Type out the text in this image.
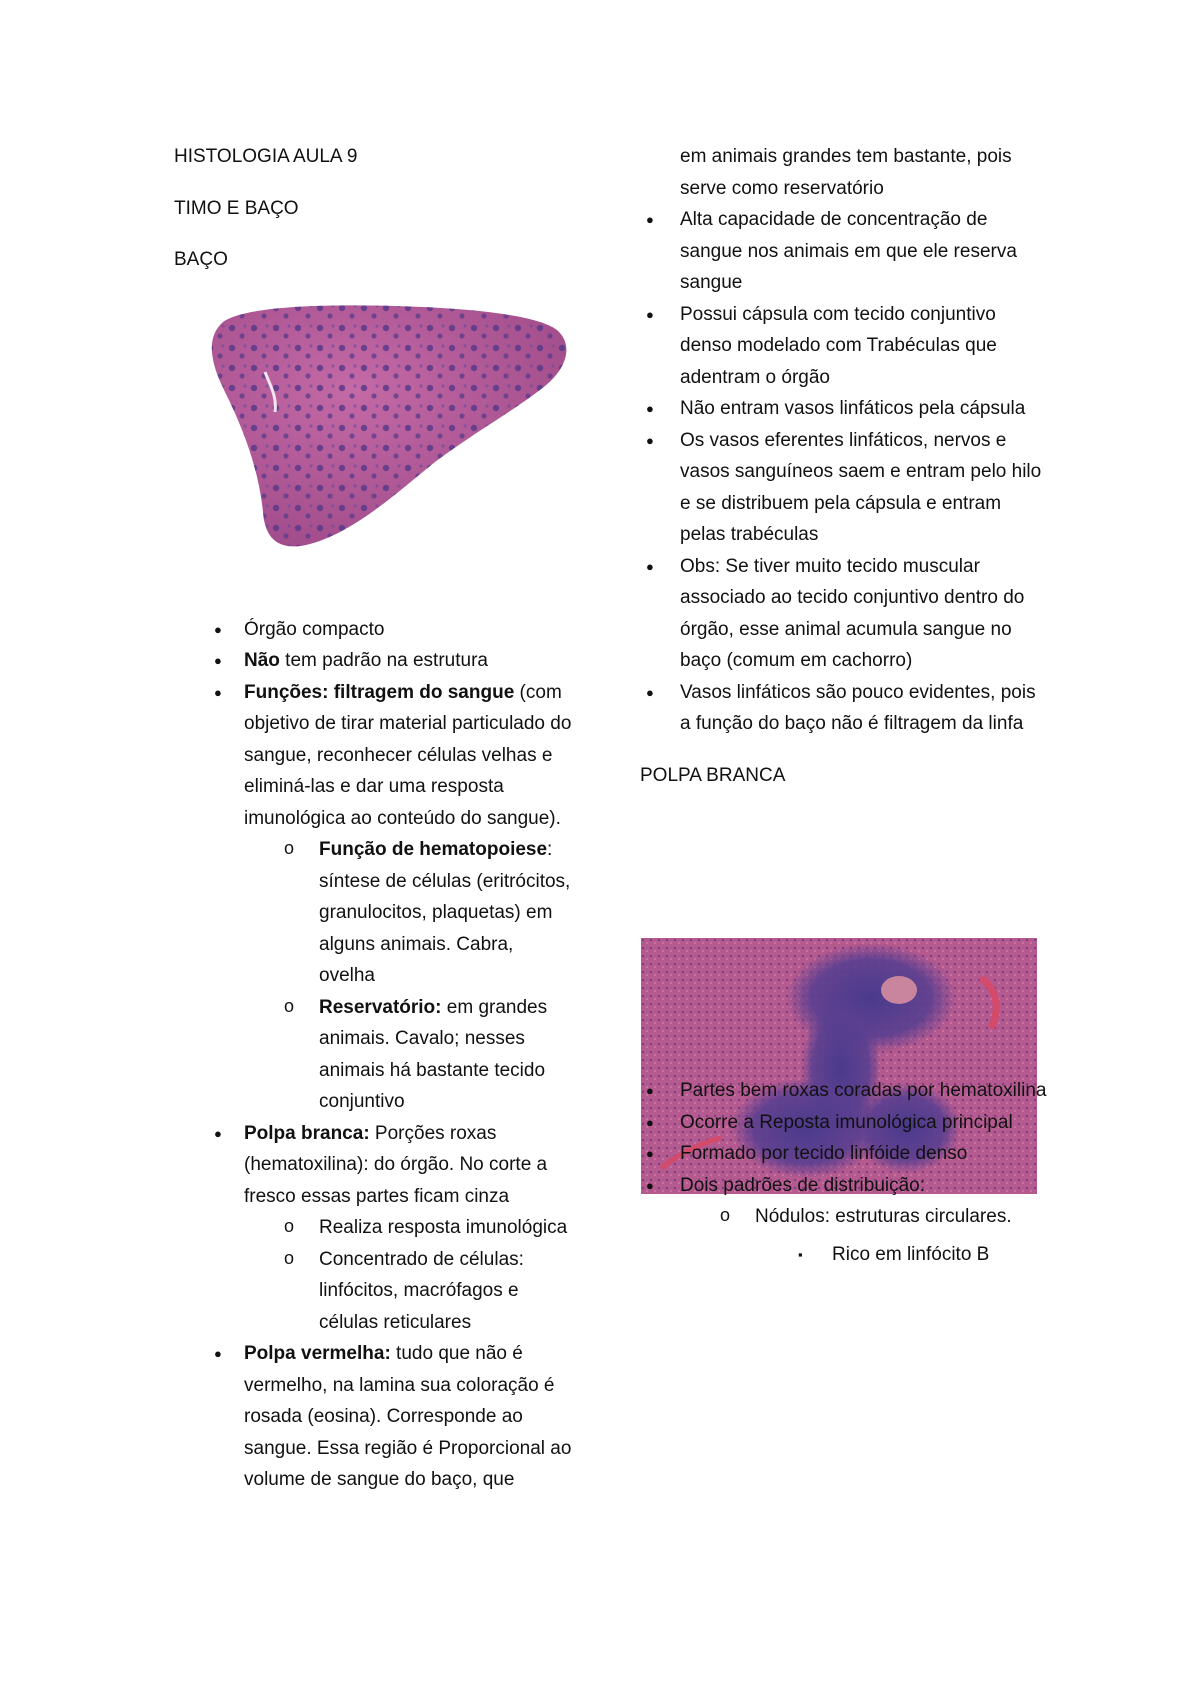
HISTOLOGIA AULA 9
TIMO E BAÇO
BAÇO
● Órgão compacto
● Não tem padrão na estrutura
● Funções: filtragem do sangue (com objetivo de tirar material particulado do sangue, reconhecer células velhas e eliminá-las e dar uma resposta imunológica ao conteúdo do sangue).
o Função de hematopoiese: síntese de células (eritrócitos, granulocitos, plaquetas) em alguns animais. Cabra, ovelha
o Reservatório: em grandes animais. Cavalo; nesses animais há bastante tecido conjuntivo
● Polpa branca: Porções roxas (hematoxilina): do órgão. No corte a fresco essas partes ficam cinza
o Realiza resposta imunológica
o Concentrado de células: linfócitos, macrófagos e células reticulares
● Polpa vermelha: tudo que não é vermelho, na lamina sua coloração é rosada (eosina). Corresponde ao sangue. Essa região é Proporcional ao volume de sangue do baço, que
em animais grandes tem bastante, pois serve como reservatório
● Alta capacidade de concentração de sangue nos animais em que ele reserva sangue
● Possui cápsula com tecido conjuntivo denso modelado com Trabéculas que adentram o órgão
● Não entram vasos linfáticos pela cápsula
● Os vasos eferentes linfáticos, nervos e vasos sanguíneos saem e entram pelo hilo e se distribuem pela cápsula e entram pelas trabéculas
● Obs: Se tiver muito tecido muscular associado ao tecido conjuntivo dentro do órgão, esse animal acumula sangue no baço (comum em cachorro)
● Vasos linfáticos são pouco evidentes, pois a função do baço não é filtragem da linfa
POLPA BRANCA
● Partes bem roxas coradas por hematoxilina
● Ocorre a Reposta imunológica principal
● Formado por tecido linfóide denso
● Dois padrões de distribuição:
o Nódulos: estruturas circulares.
▪ Rico em linfócito B
